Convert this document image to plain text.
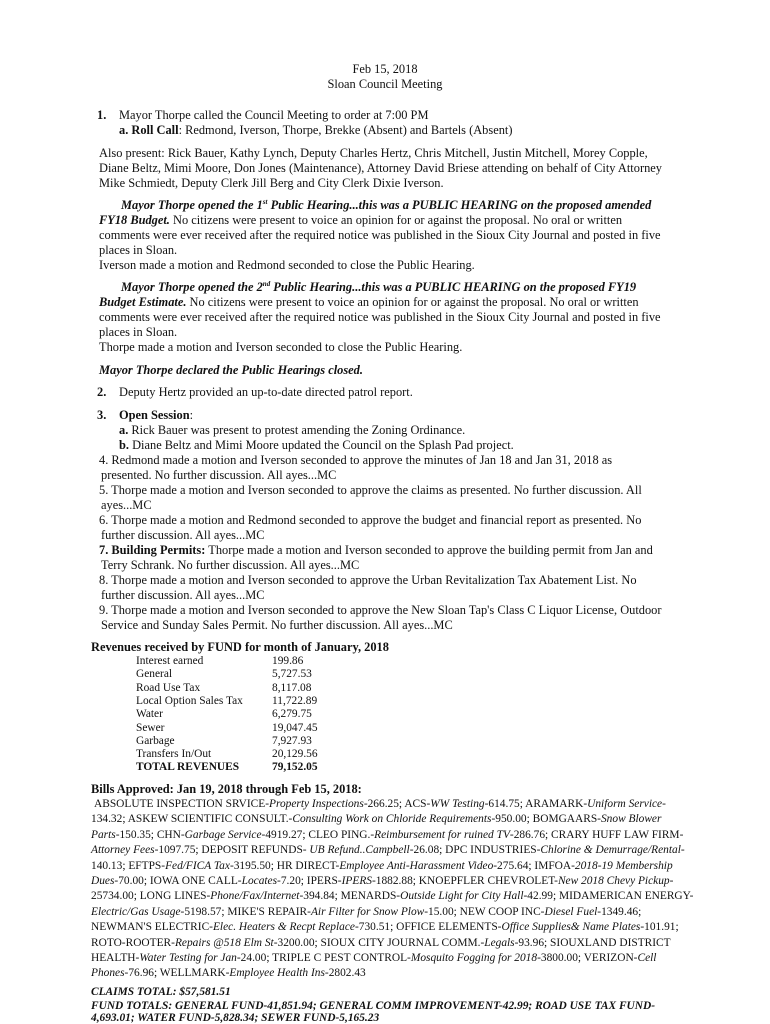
Feb 15, 2018
Sloan Council Meeting
1. Mayor Thorpe called the Council Meeting to order at 7:00 PM
a. Roll Call: Redmond, Iverson, Thorpe, Brekke (Absent) and Bartels (Absent)
Also present: Rick Bauer, Kathy Lynch, Deputy Charles Hertz, Chris Mitchell, Justin Mitchell, Morey Copple,
Diane Beltz, Mimi Moore, Don Jones (Maintenance), Attorney David Briese attending on behalf of City Attorney
Mike Schmiedt, Deputy Clerk Jill Berg and City Clerk Dixie Iverson.
Mayor Thorpe opened the 1st Public Hearing...this was a PUBLIC HEARING on the proposed amended
FY18 Budget. No citizens were present to voice an opinion for or against the proposal. No oral or written
comments were ever received after the required notice was published in the Sioux City Journal and posted in five
places in Sloan.
Iverson made a motion and Redmond seconded to close the Public Hearing.
Mayor Thorpe opened the 2nd Public Hearing...this was a PUBLIC HEARING on the proposed FY19
Budget Estimate. No citizens were present to voice an opinion for or against the proposal. No oral or written
comments were ever received after the required notice was published in the Sioux City Journal and posted in five
places in Sloan.
Thorpe made a motion and Iverson seconded to close the Public Hearing.
Mayor Thorpe declared the Public Hearings closed.
2. Deputy Hertz provided an up-to-date directed patrol report.
3. Open Session:
a. Rick Bauer was present to protest amending the Zoning Ordinance.
b. Diane Beltz and Mimi Moore updated the Council on the Splash Pad project.
4. Redmond made a motion and Iverson seconded to approve the minutes of Jan 18 and Jan 31, 2018 as
presented. No further discussion. All ayes...MC
5. Thorpe made a motion and Iverson seconded to approve the claims as presented. No further discussion. All
ayes...MC
6. Thorpe made a motion and Redmond seconded to approve the budget and financial report as presented. No
further discussion. All ayes...MC
7. Building Permits: Thorpe made a motion and Iverson seconded to approve the building permit from Jan and
Terry Schrank. No further discussion. All ayes...MC
8. Thorpe made a motion and Iverson seconded to approve the Urban Revitalization Tax Abatement List. No
further discussion. All ayes...MC
9. Thorpe made a motion and Iverson seconded to approve the New Sloan Tap's Class C Liquor License, Outdoor
Service and Sunday Sales Permit. No further discussion. All ayes...MC
Revenues received by FUND for month of January, 2018
Interest earned	199.86
General	5,727.53
Road Use Tax	8,117.08
Local Option Sales Tax	11,722.89
Water	6,279.75
Sewer	19,047.45
Garbage	7,927.93
Transfers In/Out	20,129.56
TOTAL REVENUES	79,152.05
Bills Approved: Jan 19, 2018 through Feb 15, 2018:
ABSOLUTE INSPECTION SRVICE-Property Inspections-266.25; ACS-WW Testing-614.75; ARAMARK-Uniform Service-
134.32; ASKEW SCIENTIFIC CONSULT.-Consulting Work on Chloride Requirements-950.00; BOMGAARS-Snow Blower
Parts-150.35; CHN-Garbage Service-4919.27; CLEO PING.-Reimbursement for ruined TV-286.76; CRARY HUFF LAW FIRM-
Attorney Fees-1097.75; DEPOSIT REFUNDS- UB Refund..Campbell-26.08; DPC INDUSTRIES-Chlorine & Demurrage/Rental-
140.13; EFTPS-Fed/FICA Tax-3195.50; HR DIRECT-Employee Anti-Harassment Video-275.64; IMFOA-2018-19 Membership
Dues-70.00; IOWA ONE CALL-Locates-7.20; IPERS-IPERS-1882.88; KNOEPFLER CHEVROLET-New 2018 Chevy Pickup-
25734.00; LONG LINES-Phone/Fax/Internet-394.84; MENARDS-Outside Light for City Hall-42.99; MIDAMERICAN ENERGY-
Electric/Gas Usage-5198.57; MIKE'S REPAIR-Air Filter for Snow Plow-15.00; NEW COOP INC-Diesel Fuel-1349.46;
NEWMAN'S ELECTRIC-Elec. Heaters & Recpt Replace-730.51; OFFICE ELEMENTS-Office Supplies& Name Plates-101.91;
ROTO-ROOTER-Repairs @518 Elm St-3200.00; SIOUX CITY JOURNAL COMM.-Legals-93.96; SIOUXLAND DISTRICT
HEALTH-Water Testing for Jan-24.00; TRIPLE C PEST CONTROL-Mosquito Fogging for 2018-3800.00; VERIZON-Cell
Phones-76.96; WELLMARK-Employee Health Ins-2802.43
CLAIMS TOTAL: $57,581.51
FUND TOTALS: GENERAL FUND-41,851.94; GENERAL COMM IMPROVEMENT-42.99; ROAD USE TAX FUND-
4,693.01; WATER FUND-5,828.34; SEWER FUND-5,165.23
